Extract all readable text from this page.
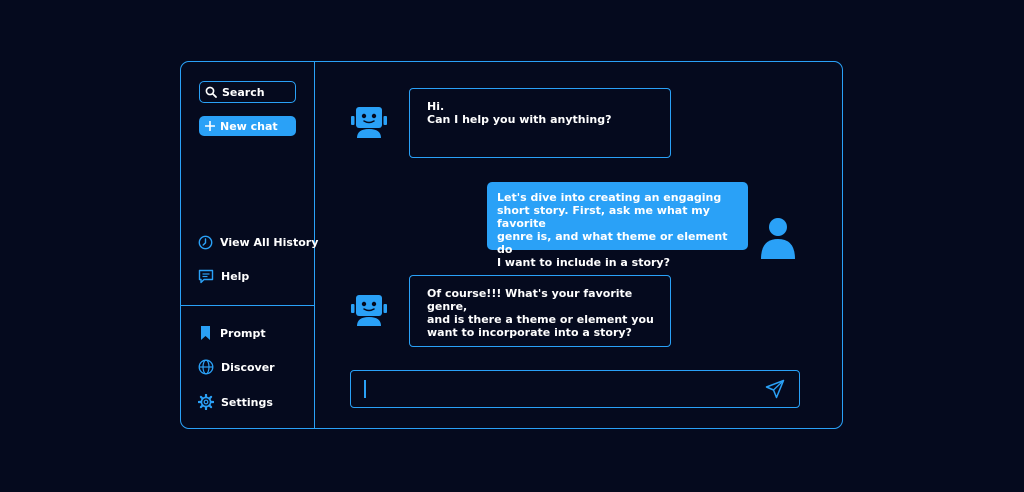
Search
New chat
View All History
Help
Prompt
Discover
Settings
Hi.
Can I help you with anything?
Let's dive into creating an engaging
short story. First, ask me what my favorite
genre is, and what theme or element do
I want to include in a story?
Of course!!! What's your favorite genre,
and is there a theme or element you
want to incorporate into a story?
